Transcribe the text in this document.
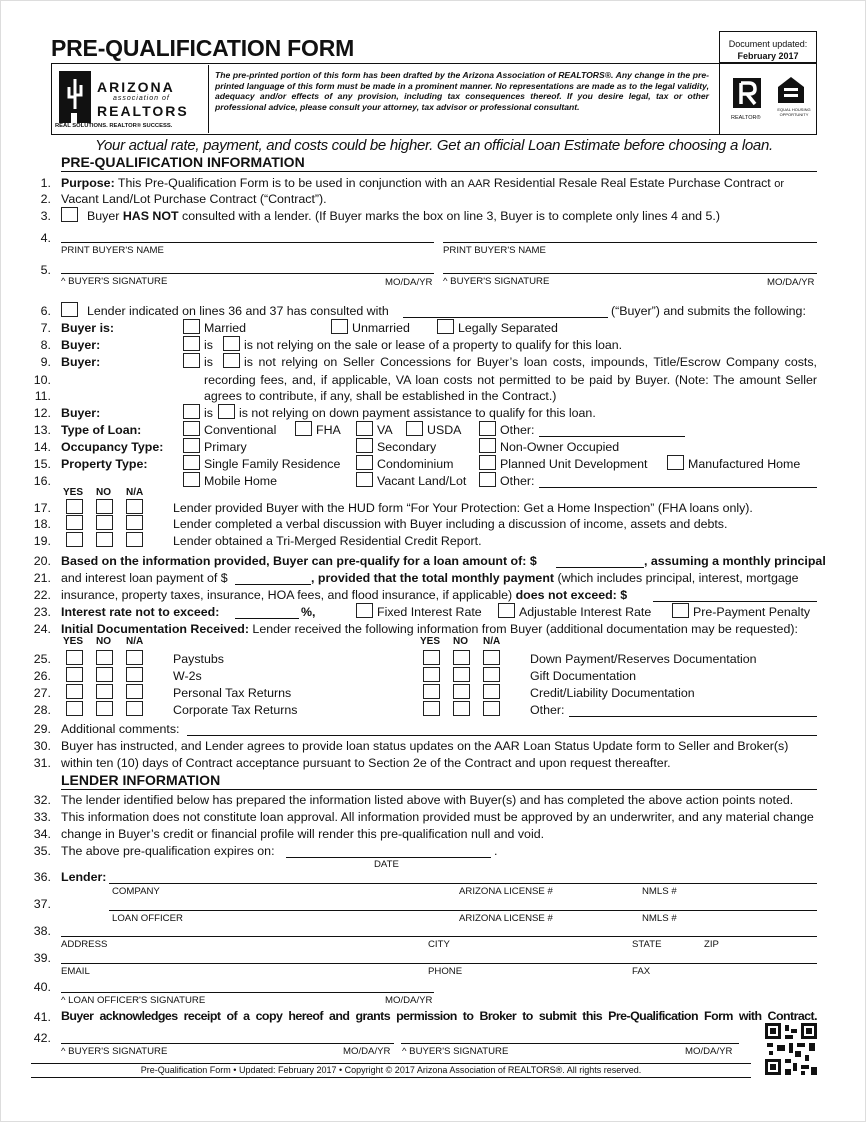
PRE-QUALIFICATION FORM	Document updated:
February 2017
ARIZONA
association of
REALTORS
REAL SOLUTIONS. REALTOR® SUCCESS.
The pre-printed portion of this form has been drafted by the Arizona Association of REALTORS®. Any change in the pre-printed language of this form must be made in a prominent manner. No representations are made as to the legal validity, adequacy and/or effects of any provision, including tax consequences thereof. If you desire legal, tax or other professional advice, please consult your attorney, tax advisor or professional consultant.
REALTOR®
EQUAL HOUSING OPPORTUNITY
Your actual rate, payment, and costs could be higher. Get an official Loan Estimate before choosing a loan.
PRE-QUALIFICATION INFORMATION
1. Purpose: This Pre-Qualification Form is to be used in conjunction with an AAR Residential Resale Real Estate Purchase Contract or
2. Vacant Land/Lot Purchase Contract (“Contract”).
3.	Buyer HAS NOT consulted with a lender. (If Buyer marks the box on line 3, Buyer is to complete only lines 4 and 5.)
4.
PRINT BUYER'S NAME	PRINT BUYER'S NAME
5.
^ BUYER'S SIGNATURE	MO/DA/YR ^ BUYER'S SIGNATURE	MO/DA/YR
6.	Lender indicated on lines 36 and 37 has consulted with	(“Buyer”) and submits the following:
7. Buyer is:	Married	Unmarried	Legally Separated
8. Buyer:	is	is not relying on the sale or lease of a property to qualify for this loan.
9. Buyer:	is	is not relying on Seller Concessions for Buyer’s loan costs, impounds, Title/Escrow Company costs,
10.	recording fees, and, if applicable, VA loan costs not permitted to be paid by Buyer. (Note: The amount Seller
11.	agrees to contribute, if any, shall be established in the Contract.)
12. Buyer:	is is not relying on down payment assistance to qualify for this loan.
13. Type of Loan:	Conventional	FHA	VA	USDA	Other:
14. Occupancy Type:	Primary	Secondary	Non-Owner Occupied
15. Property Type:	Single Family Residence	Condominium	Planned Unit Development	Manufactured Home
16.	Mobile Home	Vacant Land/Lot	Other:
YES NO N/A
17.	Lender provided Buyer with the HUD form “For Your Protection: Get a Home Inspection” (FHA loans only).
18.	Lender completed a verbal discussion with Buyer including a discussion of income, assets and debts.
19.	Lender obtained a Tri-Merged Residential Credit Report.
20. Based on the information provided, Buyer can pre-qualify for a loan amount of: $	, assuming a monthly principal
21. and interest loan payment of $	, provided that the total monthly payment (which includes principal, interest, mortgage
22. insurance, property taxes, insurance, HOA fees, and flood insurance, if applicable) does not exceed: $
23. Interest rate not to exceed:	%,	Fixed Interest Rate	Adjustable Interest Rate	Pre-Payment Penalty
24. Initial Documentation Received: Lender received the following information from Buyer (additional documentation may be requested):
YES NO N/A	YES NO N/A
25.	Paystubs	Down Payment/Reserves Documentation
26.	W-2s	Gift Documentation
27.	Personal Tax Returns	Credit/Liability Documentation
28.	Corporate Tax Returns	Other:
29. Additional comments:
30. Buyer has instructed, and Lender agrees to provide loan status updates on the AAR Loan Status Update form to Seller and Broker(s)
31. within ten (10) days of Contract acceptance pursuant to Section 2e of the Contract and upon request thereafter.
LENDER INFORMATION
32. The lender identified below has prepared the information listed above with Buyer(s) and has completed the above action points noted.
33. This information does not constitute loan approval. All information provided must be approved by an underwriter, and any material change
34. change in Buyer’s credit or financial profile will render this pre-qualification null and void.
35. The above pre-qualification expires on:	.
DATE
36. Lender:
COMPANY	ARIZONA LICENSE #	NMLS #
37.
LOAN OFFICER	ARIZONA LICENSE #	NMLS #
38.
ADDRESS	CITY	STATE	ZIP
39.
EMAIL	PHONE	FAX
40.
^ LOAN OFFICER'S SIGNATURE	MO/DA/YR
41. Buyer acknowledges receipt of a copy hereof and grants permission to Broker to submit this Pre-Qualification Form with Contract.
42.
^ BUYER'S SIGNATURE	MO/DA/YR ^ BUYER'S SIGNATURE	MO/DA/YR
Pre-Qualification Form • Updated: February 2017 • Copyright © 2017 Arizona Association of REALTORS®. All rights reserved.
